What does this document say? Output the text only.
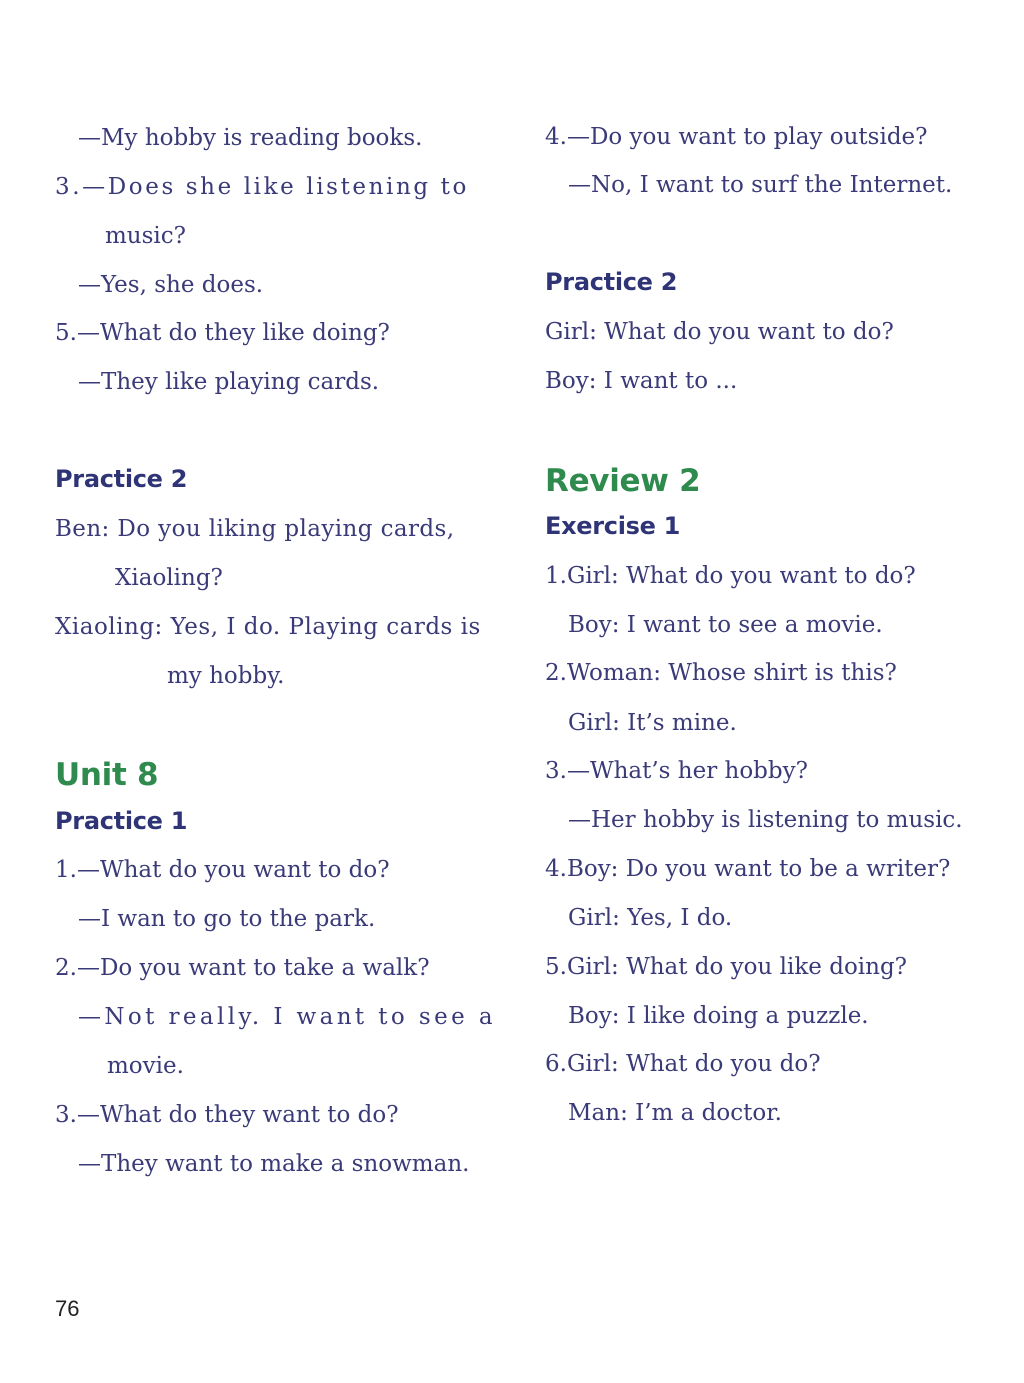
—My hobby is reading books.
3.—Does she like listening to
music?
—Yes, she does.
5.—What do they like doing?
—They like playing cards.
Practice 2
Ben: Do you liking playing cards,
Xiaoling?
Xiaoling: Yes, I do. Playing cards is
my hobby.
Unit 8
Practice 1
1.—What do you want to do?
—I wan to go to the park.
2.—Do you want to take a walk?
—Not really. I want to see a
movie.
3.—What do they want to do?
—They want to make a snowman.
4.—Do you want to play outside?
—No, I want to surf the Internet.
Practice 2
Girl: What do you want to do?
Boy: I want to ...
Review 2
Exercise 1
1.Girl: What do you want to do?
Boy: I want to see a movie.
2.Woman: Whose shirt is this?
Girl: It’s mine.
3.—What’s her hobby?
—Her hobby is listening to music.
4.Boy: Do you want to be a writer?
Girl: Yes, I do.
5.Girl: What do you like doing?
Boy: I like doing a puzzle.
6.Girl: What do you do?
Man: I’m a doctor.
76
